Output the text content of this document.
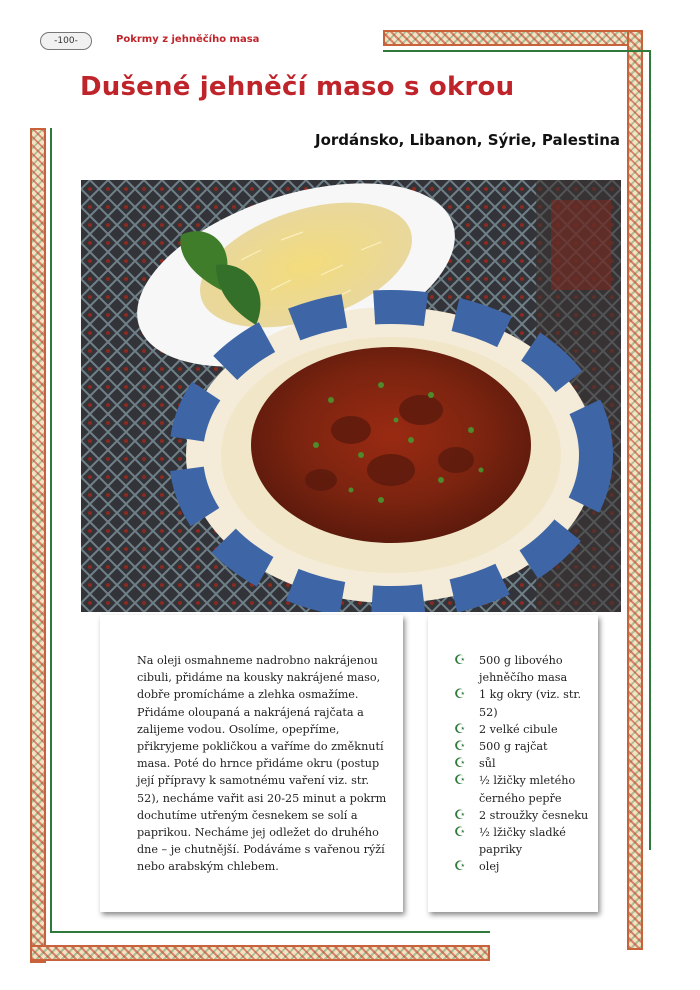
-100-	Pokrmy z jehněčího masa
Dušené jehněčí maso s okrou
Jordánsko, Libanon, Sýrie, Palestina
Na oleji osmahneme nadrobno nakrájenou cibuli, přidáme na kousky nakrájené maso, dobře promícháme a zlehka osmažíme. Přidáme oloupaná a nakrájená rajčata a zalijeme vodou. Osolíme, opepříme, přikryjeme pokličkou a vaříme do změknutí masa. Poté do hrnce přidáme okru (postup její přípravy k samotnému vaření viz. str. 52), necháme vařit asi 20-25 minut a pokrm dochutíme utřeným česnekem se solí a paprikou. Necháme jej odležet do druhého dne – je chutnější. Podáváme s vařenou rýží nebo arabským chlebem.
☪ 500 g libového jehněčího masa
☪ 1 kg okry (viz. str. 52)
☪ 2 velké cibule
☪ 500 g rajčat
☪ sůl
☪ ½ lžičky mletého černého pepře
☪ 2 stroužky česneku
☪ ½ lžičky sladké papriky
☪ olej
